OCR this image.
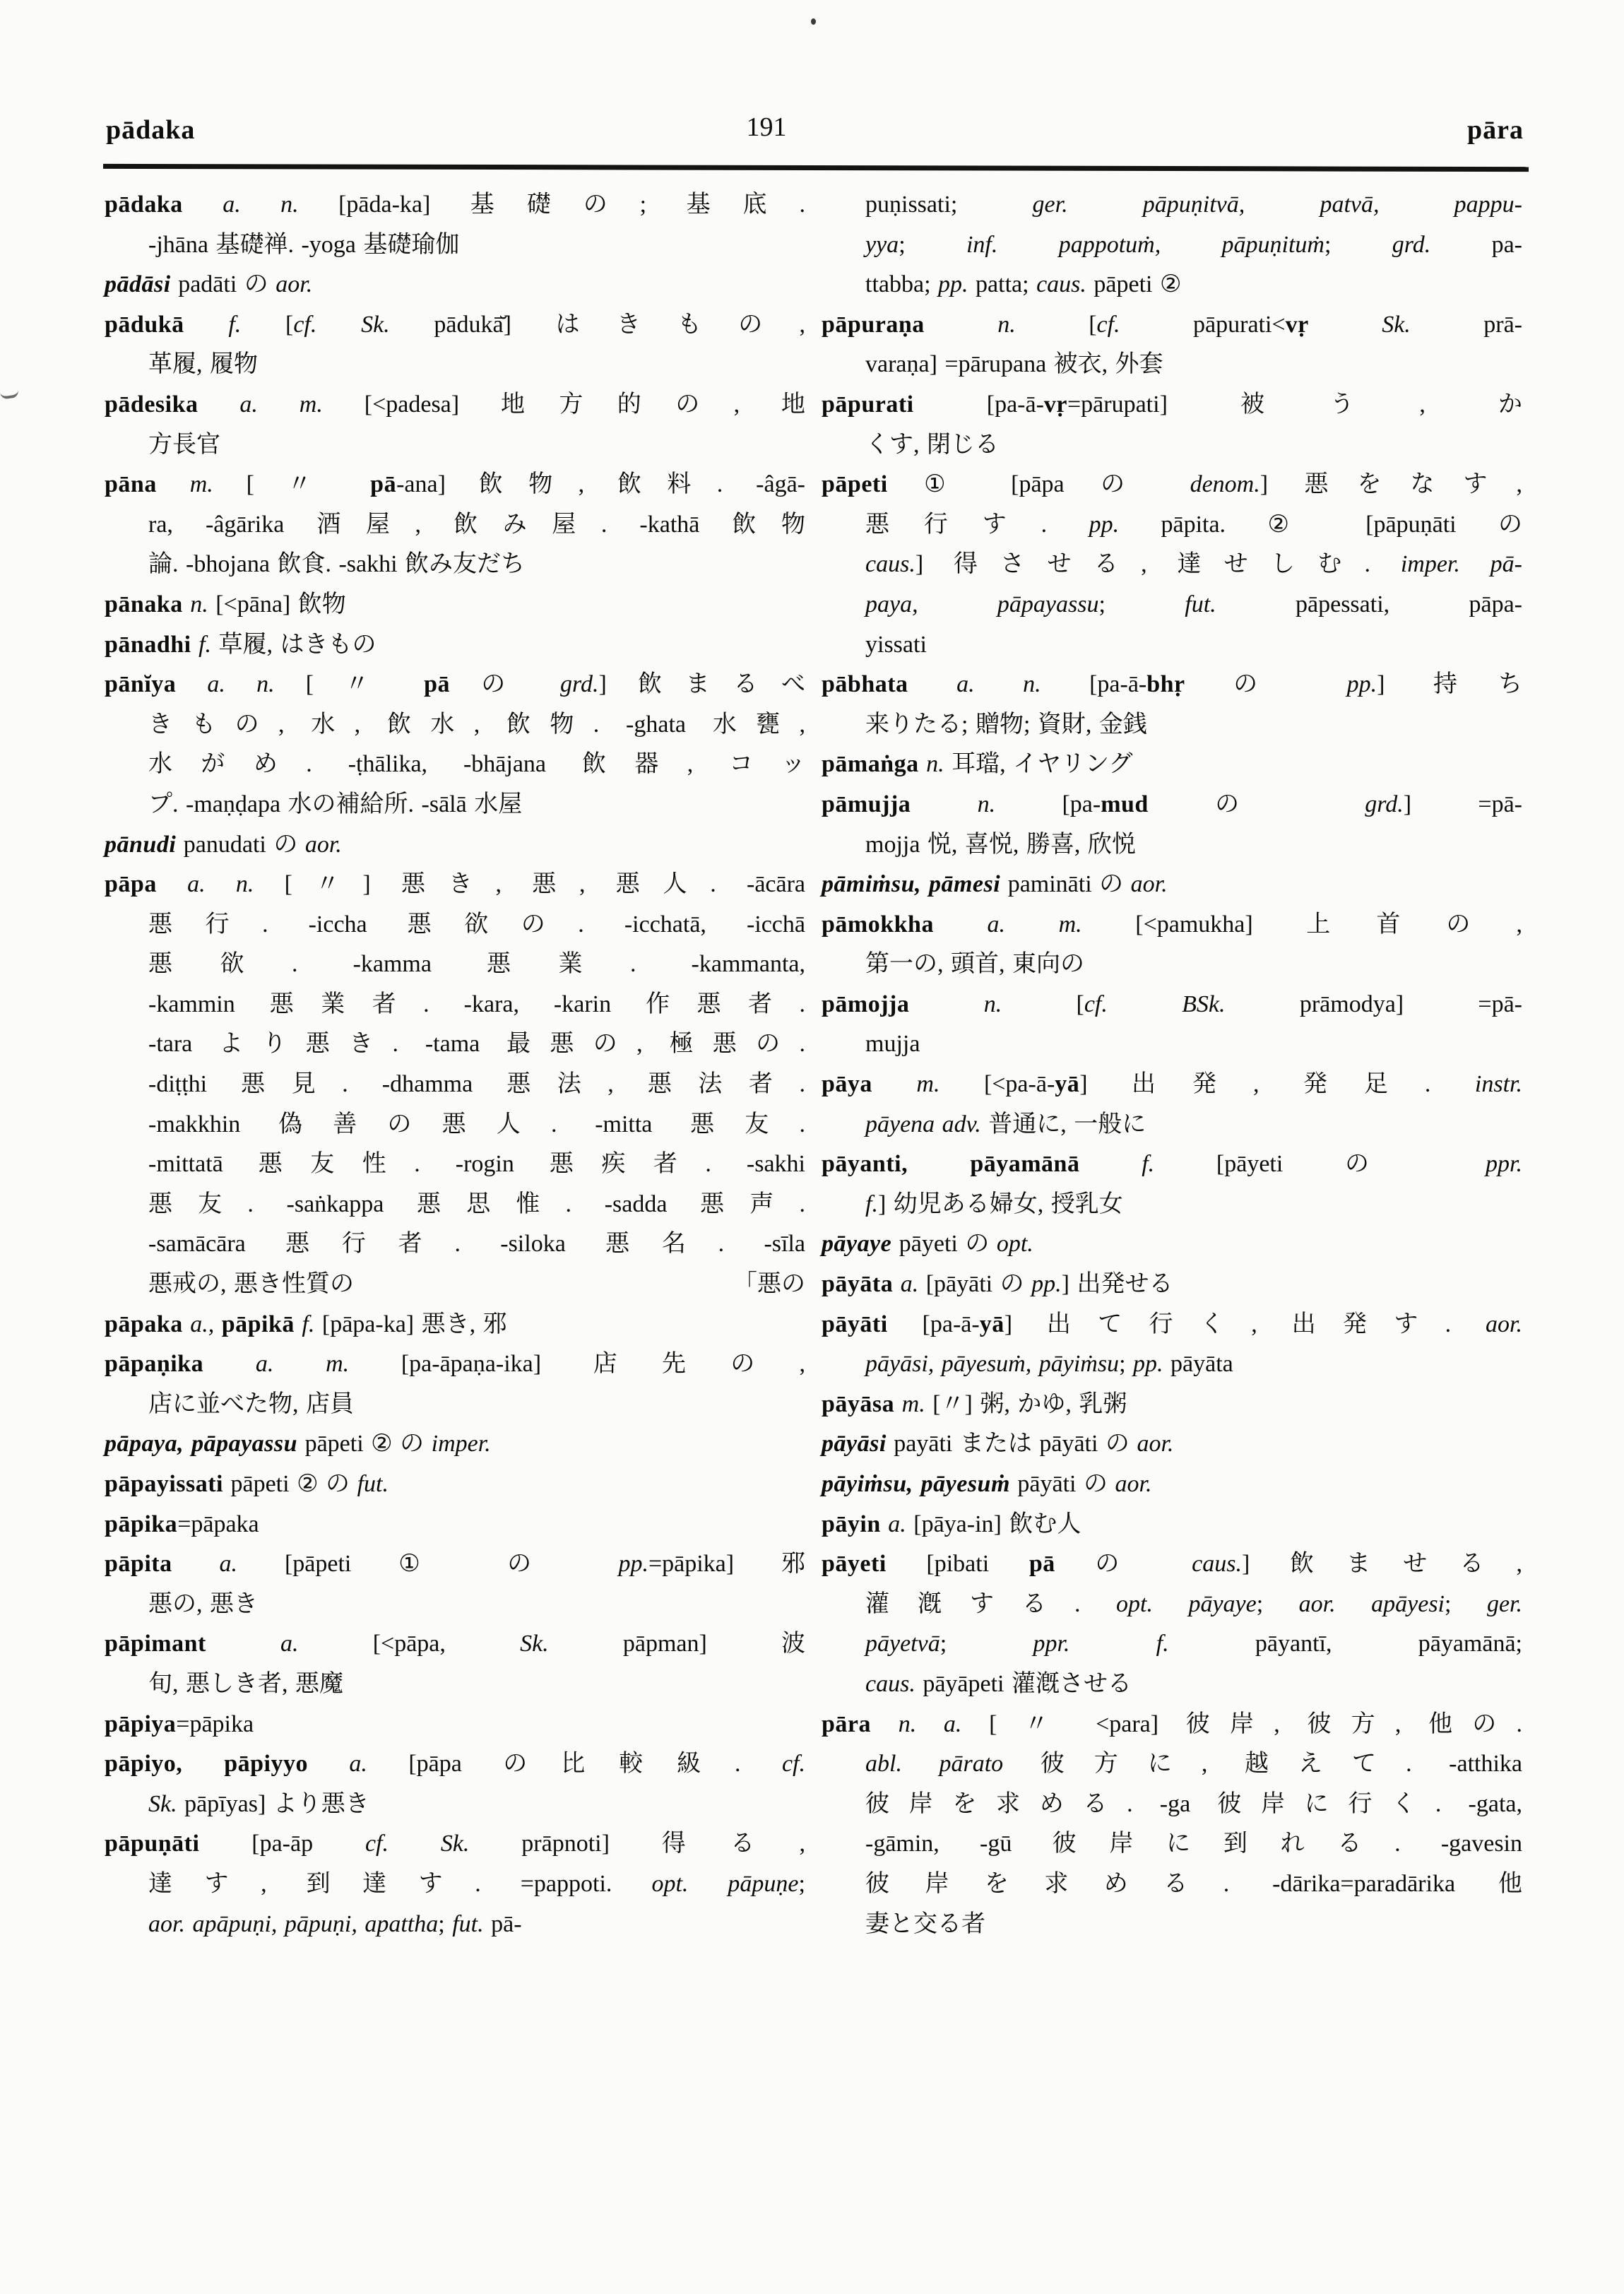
pādaka	191	pāra
pādaka a. n. [pāda-ka] 基礎の; 基底.
-jhāna 基礎禅. -yoga 基礎瑜伽
pādāsi padāti の aor.
pādukā f. [cf. Sk. pādukā̆] はきもの,
革履, 履物
pādesika a. m. [<padesa] 地方的の, 地
方長官
pāna m. [ 〃 pā-ana] 飲物, 飲料. -âgā-
ra, -âgārika 酒屋, 飲み屋. -kathā 飲物
論. -bhojana 飲食. -sakhi 飲み友だち
pānaka n. [<pāna] 飲物
pānadhi f. 草履, はきもの
pānĭya a. n. [ 〃 pā の grd.] 飲まるべ
きもの, 水, 飲水, 飲物. -ghata 水甕,
水がめ. -ṭhālika, -bhājana 飲器, コッ
プ. -maṇḍapa 水の補給所. -sālā 水屋
pānudi panudati の aor.
pāpa a. n. [〃] 悪き, 悪, 悪人. -ācāra
悪行. -iccha 悪欲の. -icchatā, -icchā
悪欲. -kamma 悪業. -kammanta,
-kammin 悪業者. -kara, -karin 作悪者.
-tara より悪き. -tama 最悪の, 極悪の.
-diṭṭhi 悪見. -dhamma 悪法, 悪法者.
-makkhin 偽善の悪人. -mitta 悪友.
-mittatā 悪友性. -rogin 悪疾者. -sakhi
悪友. -saṅkappa 悪思惟. -sadda 悪声.
-samācāra 悪行者. -siloka 悪名. -sīla
悪戒の, 悪き性質の	「悪の
pāpaka a., pāpikā f. [pāpa-ka] 悪き, 邪
pāpaṇika a. m. [pa-āpaṇa-ika] 店先の,
店に並べた物, 店員
pāpaya, pāpayassu pāpeti ② の imper.
pāpayissati pāpeti ② の fut.
pāpika=pāpaka
pāpita a. [pāpeti ① の pp.=pāpika] 邪
悪の, 悪き
pāpimant a. [<pāpa, Sk. pāpman] 波
旬, 悪しき者, 悪魔
pāpiya=pāpika
pāpiyo, pāpiyyo a. [pāpa の比較級. cf.
Sk. pāpīyas] より悪き
pāpuṇāti [pa-āp cf. Sk. prāpnoti] 得る,
達す, 到達す. =pappoti. opt. pāpuṇe;
aor. apāpuṇi, pāpuṇi, apattha; fut. pā-
puṇissati; ger. pāpuṇitvā, patvā, pappu-
yya; inf. pappotuṁ, pāpuṇituṁ; grd. pa-
ttabba; pp. patta; caus. pāpeti ②
pāpuraṇa n. [cf. pāpurati<vṛ	Sk. prā-
varaṇa] =pārupana 被衣, 外套
pāpurati [pa-ā-vṛ=pārupati] 被う, か
くす, 閉じる
pāpeti ① [pāpa の denom.] 悪をなす,
悪行す. pp. pāpita. ② [pāpuṇāti の
caus.] 得させる, 達せしむ. imper. pā-
paya, pāpayassu; fut. pāpessati, pāpa-
yissati
pābhata a. n. [pa-ā-bhṛ の pp.] 持ち
来りたる; 贈物; 資財, 金銭
pāmaṅga n. 耳璫, イヤリング
pāmujja n. [pa-mud の grd.] =pā-
mojja 悦, 喜悦, 勝喜, 欣悦
pāmiṁsu, pāmesi pamināti の aor.
pāmokkha a. m. [<pamukha] 上首の,
第一の, 頭首, 東向の
pāmojja n. [cf. BSk. prāmodya] =pā-
mujja
pāya m. [<pa-ā-yā] 出発, 発足. instr.
pāyena adv. 普通に, 一般に
pāyanti, pāyamānā f. [pāyeti の ppr.
f.] 幼児ある婦女, 授乳女
pāyaye pāyeti の opt.
pāyāta a. [pāyāti の pp.] 出発せる
pāyāti [pa-ā-yā] 出て行く, 出発す. aor.
pāyāsi, pāyesuṁ, pāyiṁsu; pp. pāyāta
pāyāsa m. [〃] 粥, かゆ, 乳粥
pāyāsi payāti または pāyāti の aor.
pāyiṁsu, pāyesuṁ pāyāti の aor.
pāyin a. [pāya-in] 飲む人
pāyeti [pibati pā の caus.] 飲ませる,
灌漑する. opt. pāyaye; aor. apāyesi; ger.
pāyetvā; ppr. f. pāyantī, pāyamānā;
caus. pāyāpeti 灌漑させる
pāra n. a. [ 〃 <para] 彼岸, 彼方, 他の.
abl. pārato 彼方に, 越えて. -atthika
彼岸を求める. -ga 彼岸に行く. -gata,
-gāmin, -gū 彼岸に到れる. -gavesin
彼岸を求める. -dārika=paradārika 他
妻と交る者
